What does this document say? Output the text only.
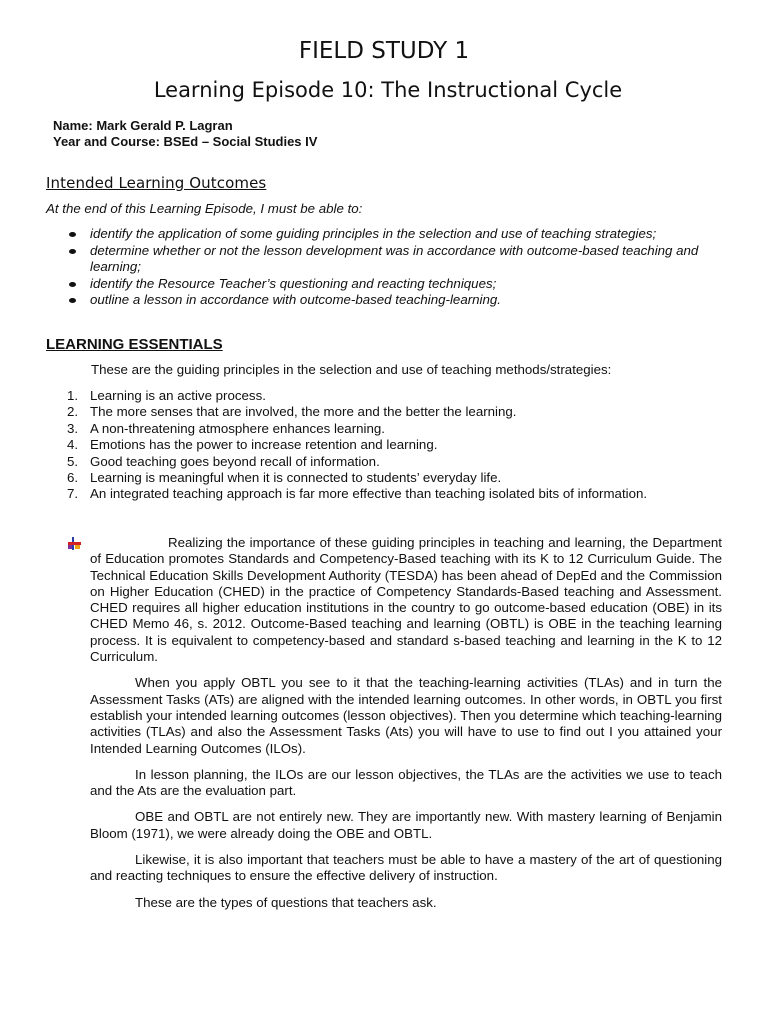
FIELD STUDY 1
Learning Episode 10: The Instructional Cycle
Name: Mark Gerald P. Lagran
Year and Course: BSEd – Social Studies IV
Intended Learning Outcomes
At the end of this Learning Episode, I must be able to:
identify the application of some guiding principles in the selection and use of teaching strategies;
determine whether or not the lesson development was in accordance with outcome-based teaching and learning;
identify the Resource Teacher’s questioning and reacting techniques;
outline a lesson in accordance with outcome-based teaching-learning.
LEARNING ESSENTIALS
These are the guiding principles in the selection and use of teaching methods/strategies:
1. Learning is an active process.
2. The more senses that are involved, the more and the better the learning.
3. A non-threatening atmosphere enhances learning.
4. Emotions has the power to increase retention and learning.
5. Good teaching goes beyond recall of information.
6. Learning is meaningful when it is connected to students’ everyday life.
7. An integrated teaching approach is far more effective than teaching isolated bits of information.

Realizing the importance of these guiding principles in teaching and learning, the Department of Education promotes Standards and Competency-Based teaching with its K to 12 Curriculum Guide. The Technical Education Skills Development Authority (TESDA) has been ahead of DepEd and the Commission on Higher Education (CHED) in the practice of Competency Standards-Based teaching and Assessment. CHED requires all higher education institutions in the country to go outcome-based education (OBE) in its CHED Memo 46, s. 2012. Outcome-Based teaching and learning (OBTL) is OBE in the teaching learning process. It is equivalent to competency-based and standard s-based teaching and learning in the K to 12 Curriculum.

When you apply OBTL you see to it that the teaching-learning activities (TLAs) and in turn the Assessment Tasks (ATs) are aligned with the intended learning outcomes. In other words, in OBTL you first establish your intended learning outcomes (lesson objectives). Then you determine which teaching-learning activities (TLAs) and also the Assessment Tasks (Ats) you will have to use to find out I you attained your Intended Learning Outcomes (ILOs).

In lesson planning, the ILOs are our lesson objectives, the TLAs are the activities we use to teach and the Ats are the evaluation part.

OBE and OBTL are not entirely new. They are importantly new. With mastery learning of Benjamin Bloom (1971), we were already doing the OBE and OBTL.

Likewise, it is also important that teachers must be able to have a mastery of the art of questioning and reacting techniques to ensure the effective delivery of instruction.

These are the types of questions that teachers ask.
